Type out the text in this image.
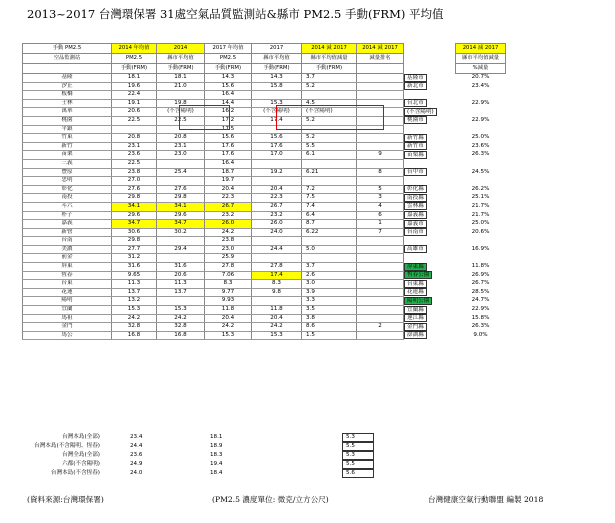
2013~2017 台灣環保署 31處空氣品質監測站&縣市 PM2.5 手動(FRM) 平均值
手動 PM2.5	2014 年均值	2014	2017 年均值	2017	2014 減 2017	2014 減 2017		2014 減 2017
空品監測站	PM2.5	縣市平均值	PM2.5	縣市平均值	縣市平均值減量	減量排名		縣市平均值減量
	手動(FRM)	手動(FRM)	手動(FRM)	手動(FRM)	手動(FRM)			%減量
基隆	18.1	18.1	14.3	14.3	3.7		基隆市	20.7%
汐止	19.6	21.0	15.6	15.8	5.2		新北市	23.4%
板橋	22.4		16.4					
士林	19.1	19.8	14.4	15.3	4.5		台北市	22.9%
萬華	20.6	(不含陽明)	16.2	(不含陽明)	(不含陽明)		(不含陽明)	
桃園	22.5	22.5	17.2	17.4	5.2		桃園市	22.9%
平鎮			17.5					
竹東	20.8	20.8	15.6	15.6	5.2		新竹縣	25.0%
新竹	23.1	23.1	17.6	17.6	5.5		新竹市	23.6%
苗栗	23.6	23.0	17.6	17.0	6.1	9	苗栗縣	26.3%
三義	22.5		16.4					
豐原	23.8	25.4	18.7	19.2	6.21	8	台中市	24.5%
忠明	27.0		19.7					
彰化	27.6	27.6	20.4	20.4	7.2	5	彰化縣	26.2%
南投	29.8	29.8	22.3	22.3	7.5	3	南投縣	25.1%
斗六	34.1	34.1	26.7	26.7	7.4	4	雲林縣	21.7%
朴子	29.6	29.6	23.2	23.2	6.4	6	嘉義縣	21.7%
嘉義	34.7	34.7	26.0	26.0	8.7	1	嘉義市	25.0%
新營	30.6	30.2	24.2	24.0	6.22	7	台南市	20.6%
台南	29.8		23.8					
美濃	27.7	29.4	23.0	24.4	5.0		高雄市	16.9%
前金	31.2		25.9					
屏東	31.6	31.6	27.8	27.8	3.7		屏東縣	11.8%
恆春	9.65	20.6	7.06	17.4	2.6		恆春公園	26.9%
台東	11.3	11.3	8.3	8.3	3.0		台東縣	26.7%
花蓮	13.7	13.7	9.77	9.8	3.9		花蓮縣	28.5%
陽明	13.2		9.93		3.3		陽明公園	24.7%
宜蘭	15.3	15.3	11.8	11.8	3.5		宜蘭縣	22.9%
馬祖	24.2	24.2	20.4	20.4	3.8		連江縣	15.8%
金門	32.8	32.8	24.2	24.2	8.6	2	金門縣	26.3%
馬公	16.8	16.8	15.3	15.3	1.5		澎湖縣	9.0%
台灣本島(全部)		23.4	18.1	5.3
台灣本島(不含陽明、恆春)		24.4	18.9	5.5
台灣全島(全部)		23.6	18.3	5.3
六都(不含陽明)		24.9	19.4	5.5
台灣本島(不含恆春)		24.0	18.4	5.6
(資料來源:台灣環保署)	(PM2.5 濃度單位: 微克/立方公尺)	台灣健康空氣行動聯盟 編製 2018
